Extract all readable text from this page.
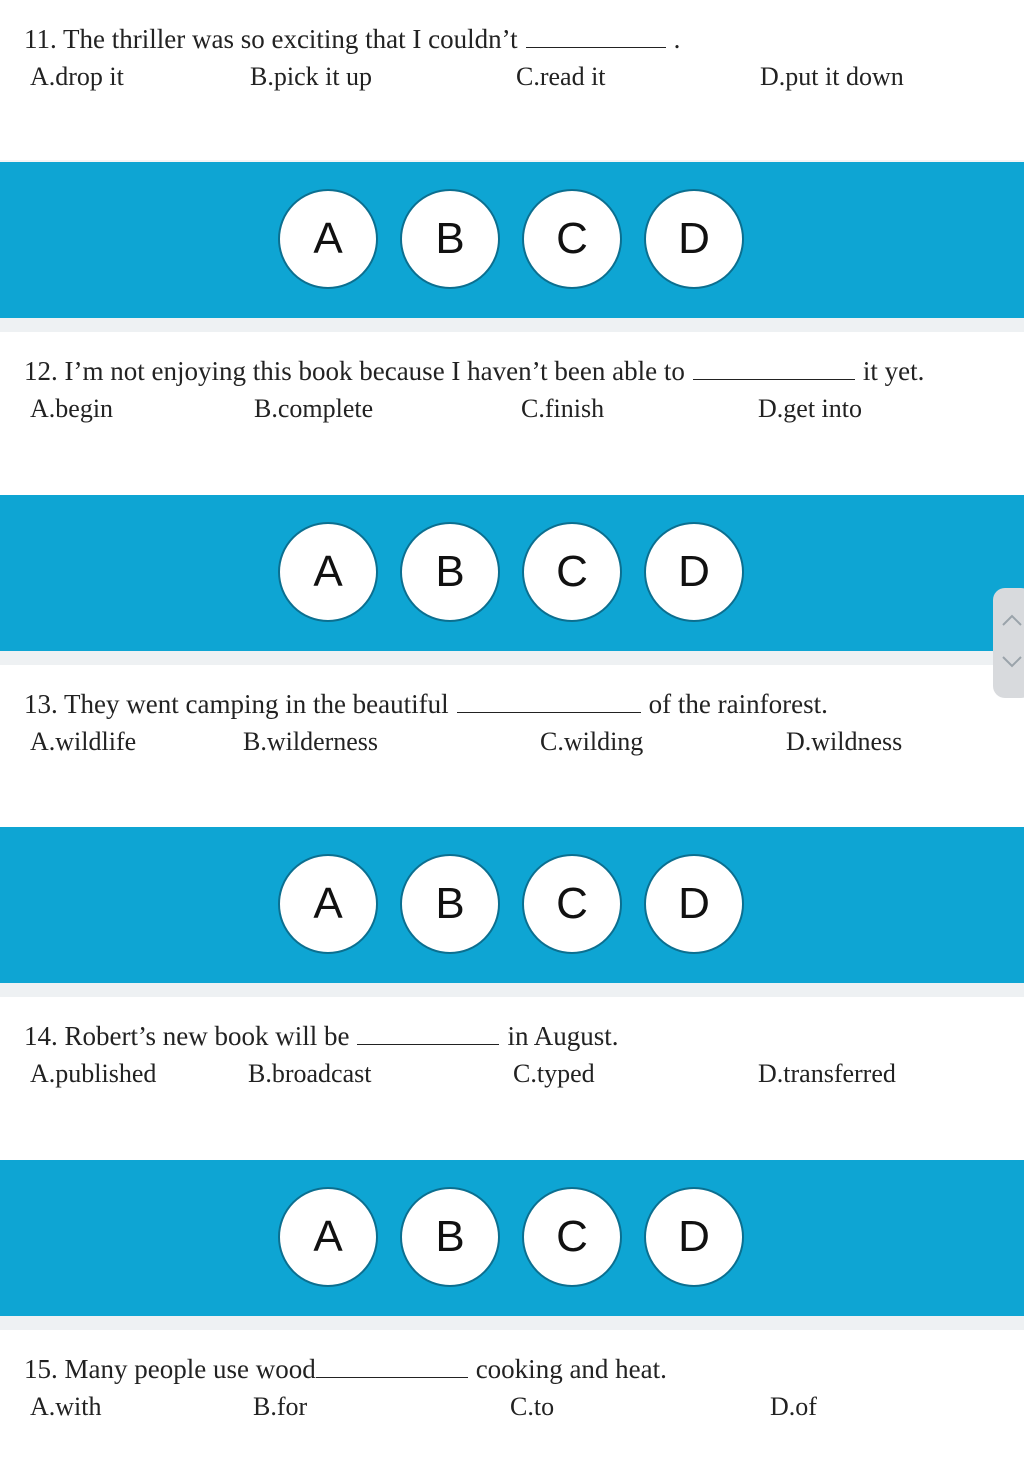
11. The thriller was so exciting that I couldn’t	.
A.drop it	B.pick it up	C.read it	D.put it down
A	B	C	D
12. I’m not enjoying this book because I haven’t been able to	it yet.
A.begin	B.complete	C.finish	D.get into
A	B	C	D
13. They went camping in the beautiful	of the rainforest.
A.wildlife	B.wilderness	C.wilding	D.wildness
A	B	C	D
14. Robert’s new book will be	in August.
A.published	B.broadcast	C.typed	D.transferred
A	B	C	D
15. Many people use wood	cooking and heat.
A.with	B.for	C.to	D.of
